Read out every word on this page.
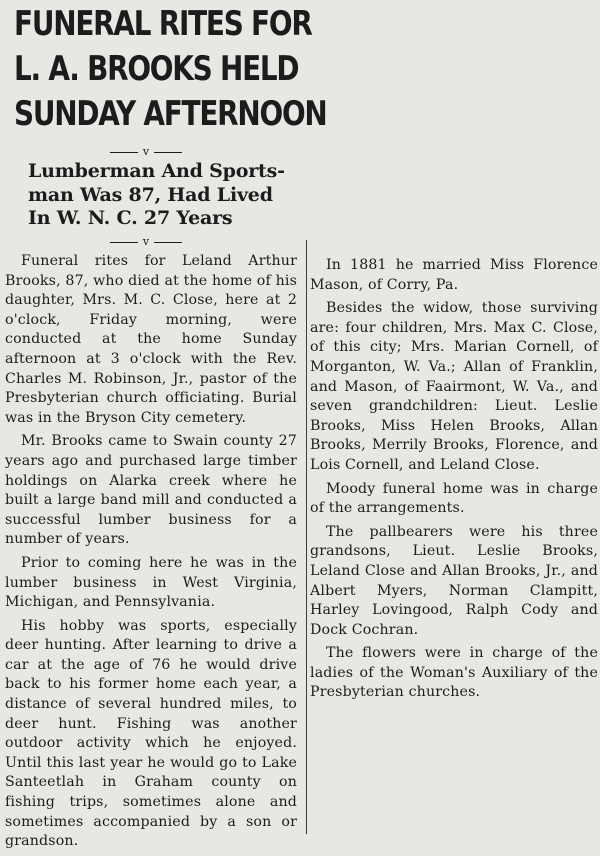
FUNERAL RITES FOR
L. A. BROOKS HELD
SUNDAY AFTERNOON
v
Lumberman And Sports-
man Was 87, Had Lived
In W. N. C. 27 Years
v

Funeral rites for Leland Arthur Brooks, 87, who died at the home of his daughter, Mrs. M. C. Close, here at 2 o'clock, Friday morning, were conducted at the home Sunday afternoon at 3 o'clock with the Rev. Charles M. Robinson, Jr., pastor of the Presbyterian church officiating. Burial was in the Bryson City cemetery.

Mr. Brooks came to Swain county 27 years ago and purchased large timber holdings on Alarka creek where he built a large band mill and conducted a successful lumber business for a number of years.

Prior to coming here he was in the lumber business in West Virginia, Michigan, and Pennsylvania.

His hobby was sports, especially deer hunting. After learning to drive a car at the age of 76 he would drive back to his former home each year, a distance of several hundred miles, to deer hunt. Fishing was another outdoor activity which he enjoyed. Until this last year he would go to Lake Santeetlah in Graham county on fishing trips, sometimes alone and sometimes accompanied by a son or grandson.

In 1881 he married Miss Florence Mason, of Corry, Pa.

Besides the widow, those surviving are: four children, Mrs. Max C. Close, of this city; Mrs. Marian Cornell, of Morganton, W. Va.; Allan of Franklin, and Mason, of Faairmont, W. Va., and seven grandchildren: Lieut. Leslie Brooks, Miss Helen Brooks, Allan Brooks, Merrily Brooks, Florence, and Lois Cornell, and Leland Close.

Moody funeral home was in charge of the arrangements.

The pallbearers were his three grandsons, Lieut. Leslie Brooks, Leland Close and Allan Brooks, Jr., and Albert Myers, Norman Clampitt, Harley Lovingood, Ralph Cody and Dock Cochran.

The flowers were in charge of the ladies of the Woman's Auxiliary of the Presbyterian churches.
